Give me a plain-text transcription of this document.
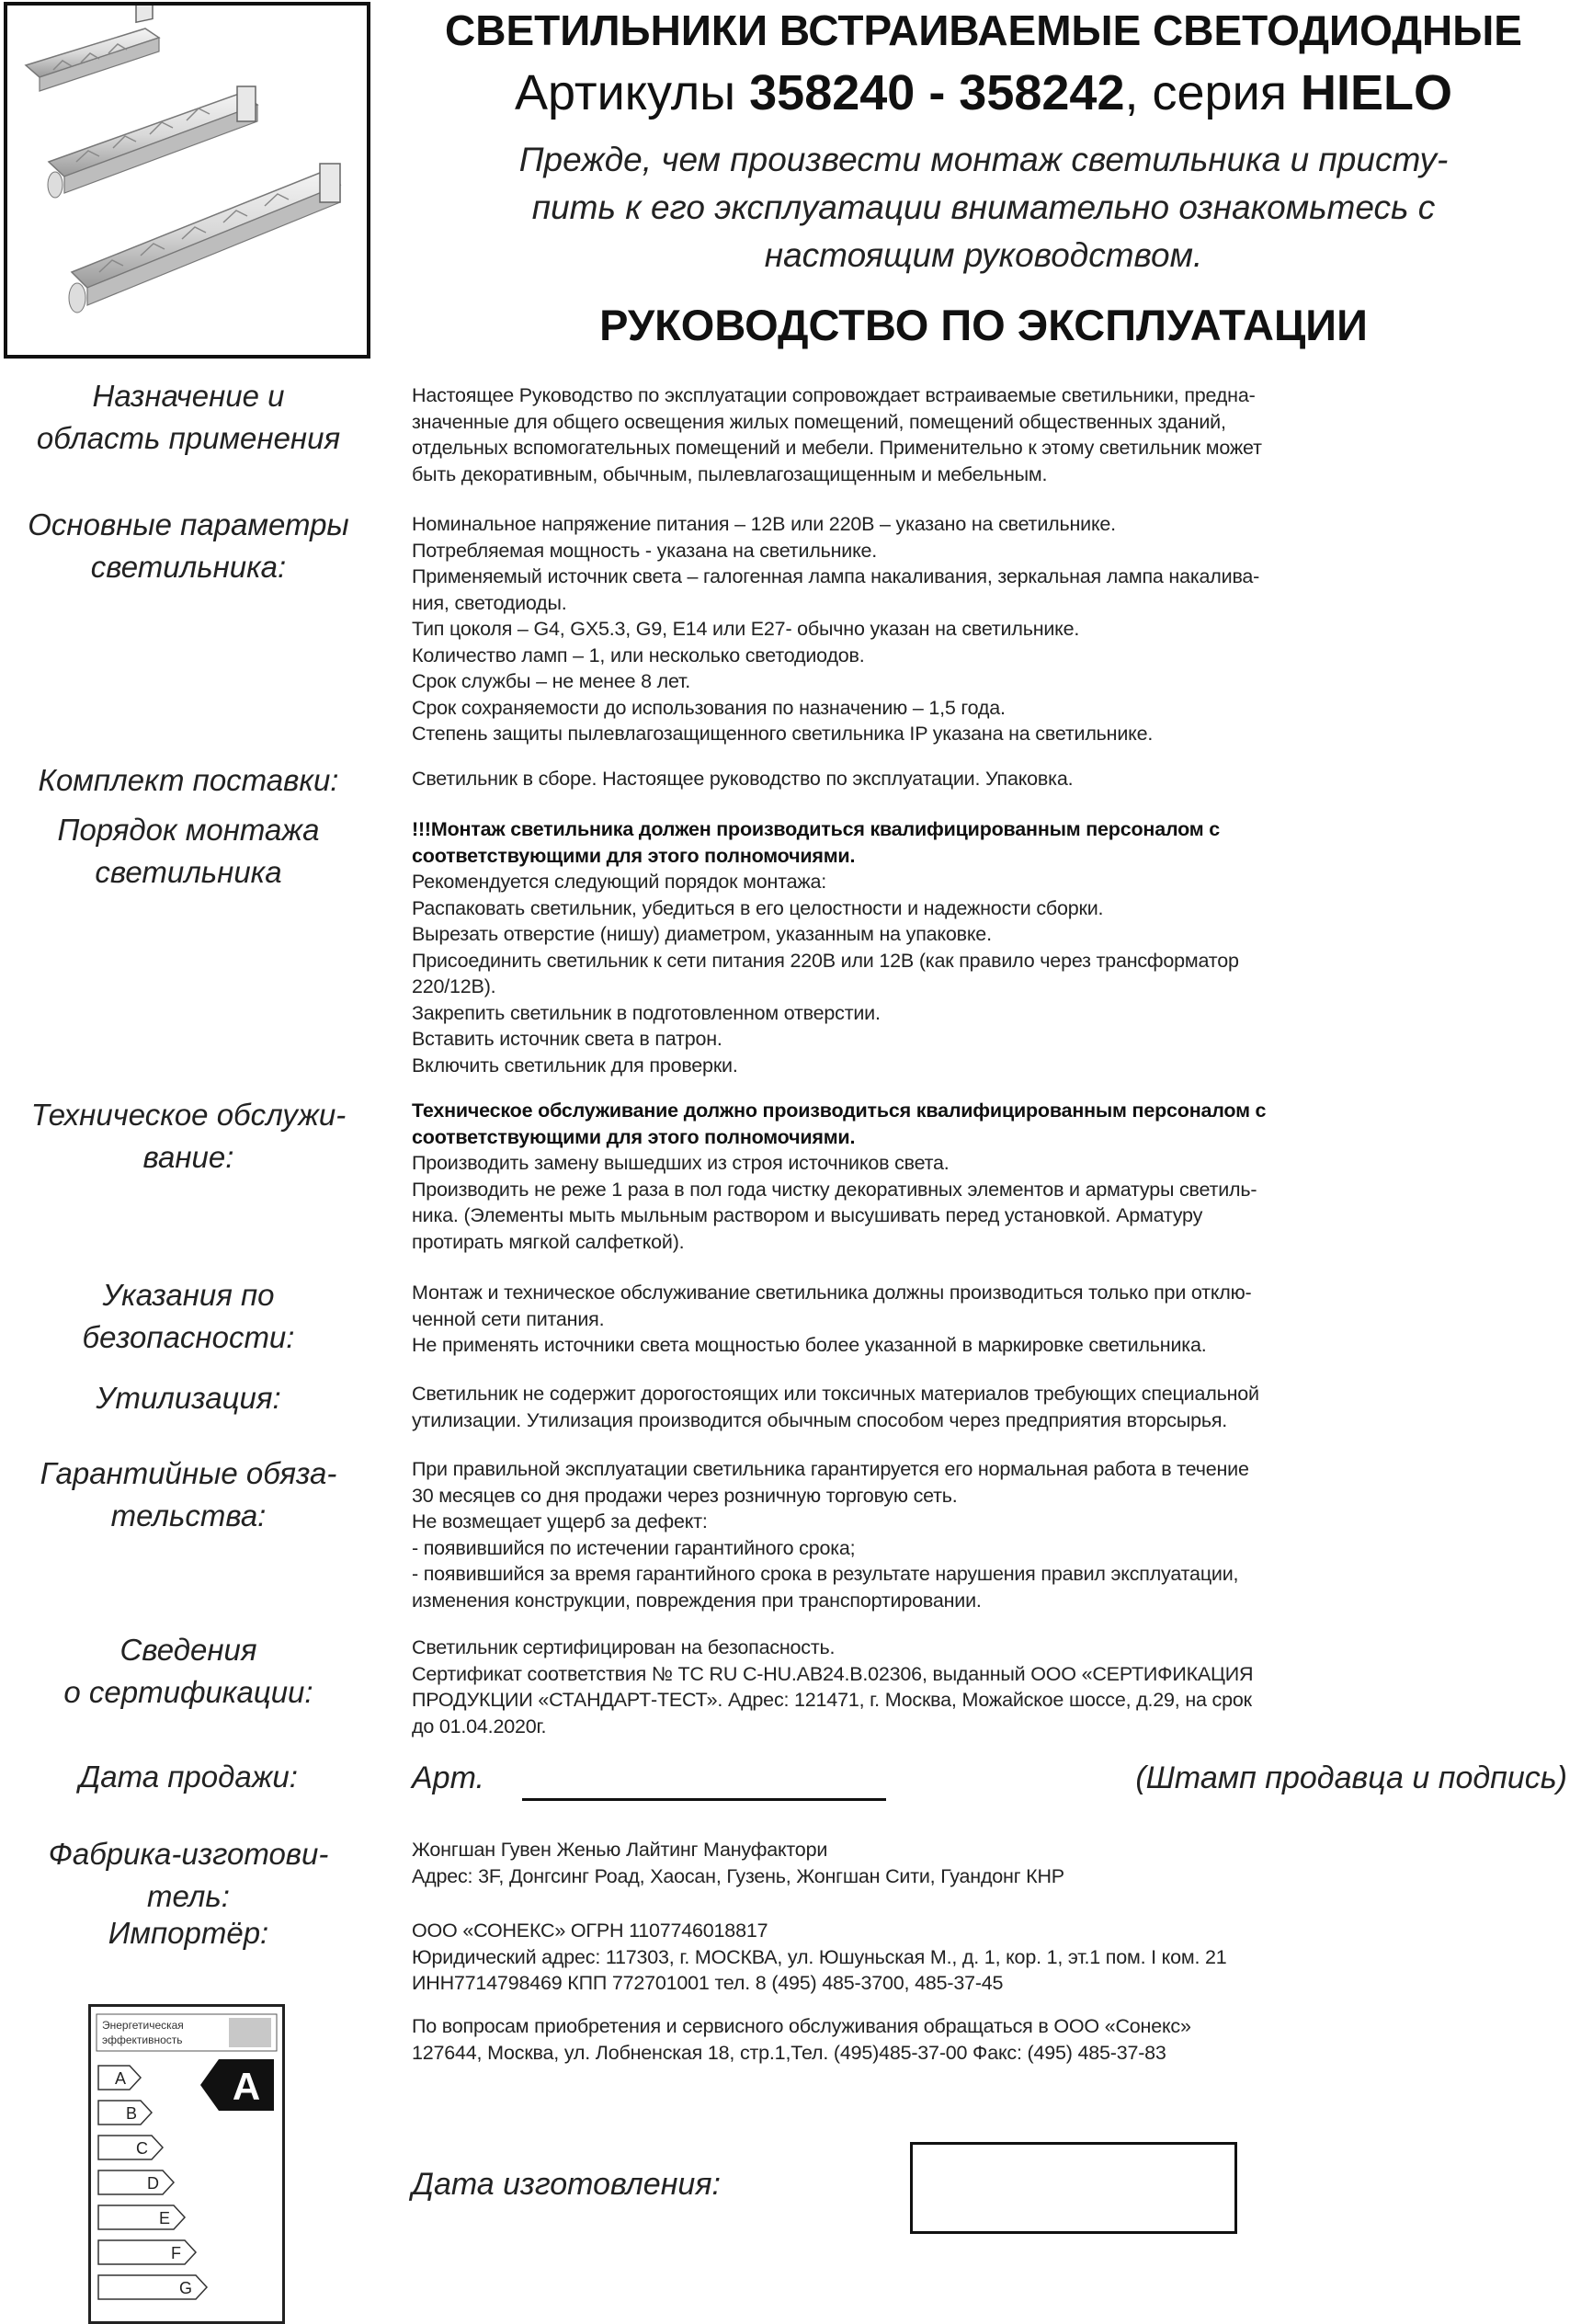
СВЕТИЛЬНИКИ ВСТРАИВАЕМЫЕ СВЕТОДИОДНЫЕ
Артикулы 358240 - 358242, серия HIELO
Прежде, чем произвести монтаж светильника и присту-
пить к его эксплуатации внимательно ознакомьтесь с
настоящим руководством.
РУКОВОДСТВО ПО ЭКСПЛУАТАЦИИ
Назначение и
область применения

Настоящее Руководство по эксплуатации сопровождает встраиваемые светильники, предна-

значенные для общего освещения жилых помещений, помещений общественных зданий,

отдельных вспомогательных помещений и мебели. Применительно к этому светильник может

быть декоративным, обычным, пылевлагозащищенным и мебельным.

Основные параметры
светильника:

Номинальное напряжение питания – 12В или 220В – указано на светильнике.

Потребляемая мощность - указана на светильнике.

Применяемый источник света – галогенная лампа накаливания, зеркальная лампа накалива-

ния, светодиоды.

Тип цоколя – G4, GX5.3, G9, E14 или E27- обычно указан на светильнике.

Количество ламп – 1, или несколько светодиодов.

Срок службы – не менее 8 лет.

Срок сохраняемости до использования по назначению – 1,5 года.

Степень защиты пылевлагозащищенного светильника IP указана на светильнике.

Комплект поставки:	Светильник в сборе. Настоящее руководство по эксплуатации. Упаковка.

Порядок монтажа
светильника

!!!Монтаж светильника должен производиться квалифицированным персоналом с

соответствующими для этого полномочиями.

Рекомендуется следующий порядок монтажа:

Распаковать светильник, убедиться в его целостности и надежности сборки.

Вырезать отверстие (нишу) диаметром, указанным на упаковке.

Присоединить светильник к сети питания 220В или 12В (как правило через трансформатор

220/12В).

Закрепить светильник в подготовленном отверстии.

Вставить источник света в патрон.

Включить светильник для проверки.

Техническое обслужи-
вание:

Техническое обслуживание должно производиться квалифицированным персоналом с

соответствующими для этого полномочиями.

Производить замену вышедших из строя источников света.

Производить не реже 1 раза в пол года чистку декоративных элементов и арматуры светиль-

ника. (Элементы мыть мыльным раствором и высушивать перед установкой. Арматуру

протирать мягкой салфеткой).

Указания по
безопасности:

Монтаж и техническое обслуживание светильника должны производиться только при отклю-

ченной сети питания.

Не применять источники света мощностью более указанной в маркировке светильника.

Утилизация:	Светильник не содержит дорогостоящих или токсичных материалов требующих специальной

утилизации. Утилизация производится обычным способом через предприятия вторсырья.

Гарантийные обяза-
тельства:

При правильной эксплуатации светильника гарантируется его нормальная работа в течение

30 месяцев со дня продажи через розничную торговую сеть.

Не возмещает ущерб за дефект:

- появившийся по истечении гарантийного срока;

- появившийся за время гарантийного срока в результате нарушения правил эксплуатации,

изменения конструкции, повреждения при транспортировании.

Сведения
о сертификации:

Светильник сертифицирован на безопасность.

Сертификат соответствия № ТС RU C-HU.АВ24.В.02306, выданный ООО «СЕРТИФИКАЦИЯ

ПРОДУКЦИИ «СТАНДАРТ-ТЕСТ». Адрес: 121471, г. Москва, Можайское шоссе, д.29, на срок

до 01.04.2020г.

Дата продажи:	Арт.	(Штамп продавца и подпись)
Фабрика-изготови-
тель:

Жонгшан Гувен Женью Лайтинг Мануфактори

Адрес: 3F, Донгсинг Роад, Хаосан, Гузень, Жонгшан Сити, Гуандонг КНР

Импортёр:	ООО «СОНЕКС» ОГРН 1107746018817

Юридический адрес: 117303, г. МОСКВА, ул. Юшуньская М., д. 1, кор. 1, эт.1 пом. I ком. 21

ИНН7714798469 КПП 772701001 тел. 8 (495) 485-3700, 485-37-45

По вопросам приобретения и сервисного обслуживания обращаться в ООО «Сонекс»

127644, Москва, ул. Лобненская 18, стр.1,Тел. (495)485-37-00 Факс: (495) 485-37-83

Энергетическая
эффективность
A
B
C
D
E
F
G
A
Дата изготовления:
